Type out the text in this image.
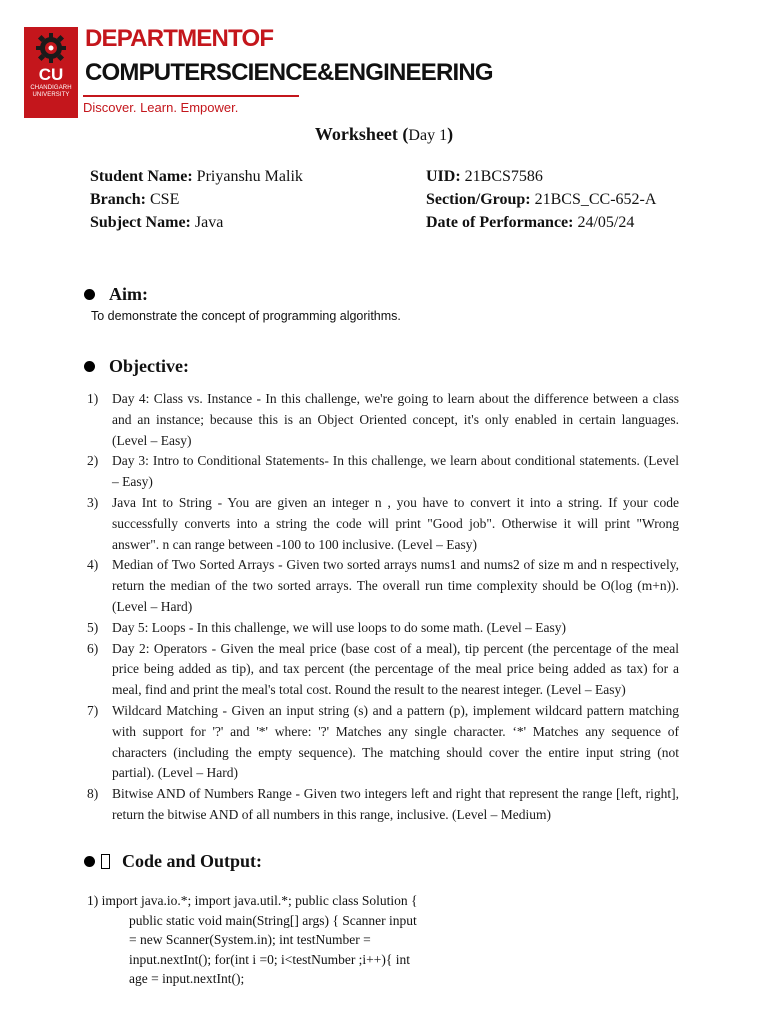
CU
CHANDIGARH UNIVERSITY
DEPARTMENTOF
COMPUTERSCIENCE&ENGINEERING
Discover. Learn. Empower.
Worksheet (Day 1)
Student Name: Priyanshu Malik	UID: 21BCS7586
Branch: CSE	Section/Group: 21BCS_CC-652-A
Subject Name: Java	Date of Performance: 24/05/24
Aim:
To demonstrate the concept of programming algorithms.
Objective:
1) Day 4: Class vs. Instance - In this challenge, we're going to learn about the difference between a class and an instance; because this is an Object Oriented concept, it's only enabled in certain languages. (Level – Easy)
2) Day 3: Intro to Conditional Statements- In this challenge, we learn about conditional statements. (Level – Easy)
3) Java Int to String - You are given an integer n , you have to convert it into a string. If your code successfully converts into a string the code will print "Good job". Otherwise it will print "Wrong answer". n can range between -100 to 100 inclusive. (Level – Easy)
4) Median of Two Sorted Arrays - Given two sorted arrays nums1 and nums2 of size m and n respectively, return the median of the two sorted arrays. The overall run time complexity should be O(log (m+n)). (Level – Hard)
5) Day 5: Loops - In this challenge, we will use loops to do some math. (Level – Easy)
6) Day 2: Operators - Given the meal price (base cost of a meal), tip percent (the percentage of the meal price being added as tip), and tax percent (the percentage of the meal price being added as tax) for a meal, find and print the meal's total cost. Round the result to the nearest integer. (Level – Easy)
7) Wildcard Matching - Given an input string (s) and a pattern (p), implement wildcard pattern matching with support for '?' and '*' where: '?' Matches any single character. ‘*' Matches any sequence of characters (including the empty sequence). The matching should cover the entire input string (not partial). (Level – Hard)
8) Bitwise AND of Numbers Range - Given two integers left and right that represent the range [left, right], return the bitwise AND of all numbers in this range, inclusive. (Level – Medium)
Code and Output:
1) import java.io.*; import java.util.*; public class Solution {
public static void main(String[] args) { Scanner input
= new Scanner(System.in); int testNumber =
input.nextInt(); for(int i =0; i<testNumber ;i++){ int
age = input.nextInt();
